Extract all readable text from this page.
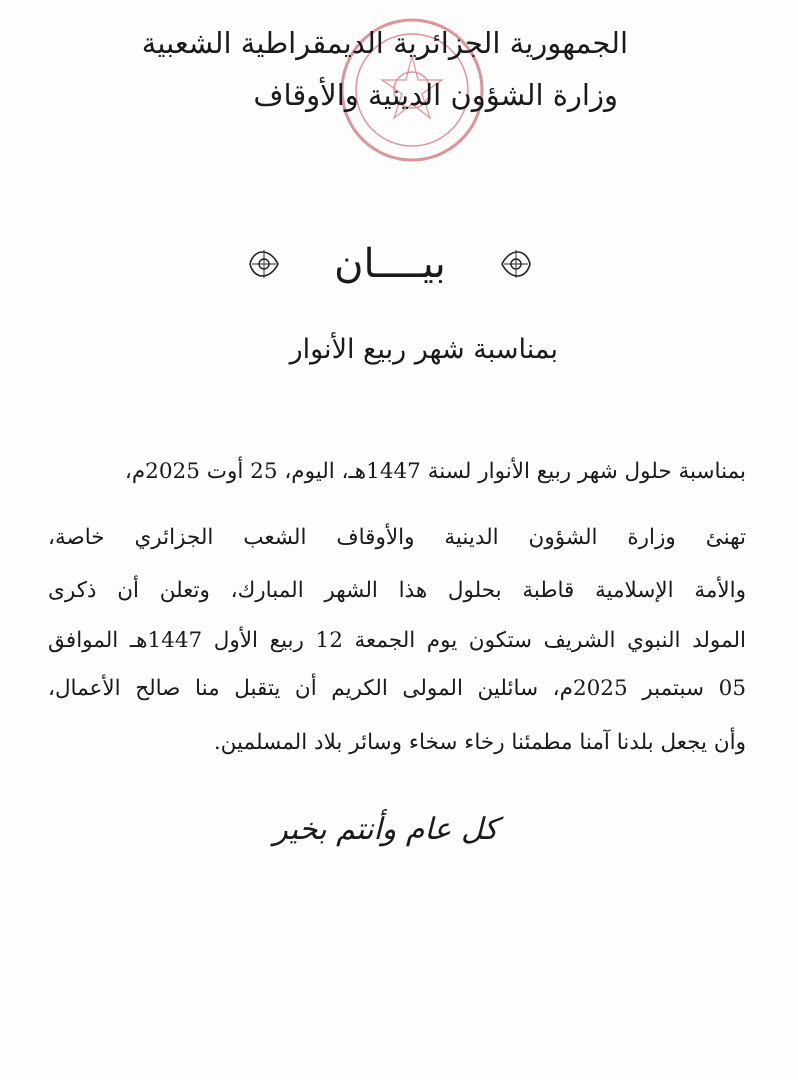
الجمهورية الجزائرية الديمقراطية الشعبية
وزارة الشؤون الدينية والأوقاف
بيــــان
بمناسبة شهر ربيع الأنوار
بمناسبة حلول شهر ربيع الأنوار لسنة 1447هـ، اليوم، 25 أوت 2025م،
تهنئ وزارة الشؤون الدينية والأوقاف الشعب الجزائري خاصة،
والأمة الإسلامية قاطبة بحلول هذا الشهر المبارك، وتعلن أن ذكرى
المولد النبوي الشريف ستكون يوم الجمعة 12 ربيع الأول 1447هـ الموافق
05 سبتمبر 2025م، سائلين المولى الكريم أن يتقبل منا صالح الأعمال،
وأن يجعل بلدنا آمنا مطمئنا رخاء سخاء وسائر بلاد المسلمين.
كل عام وأنتم بخير
